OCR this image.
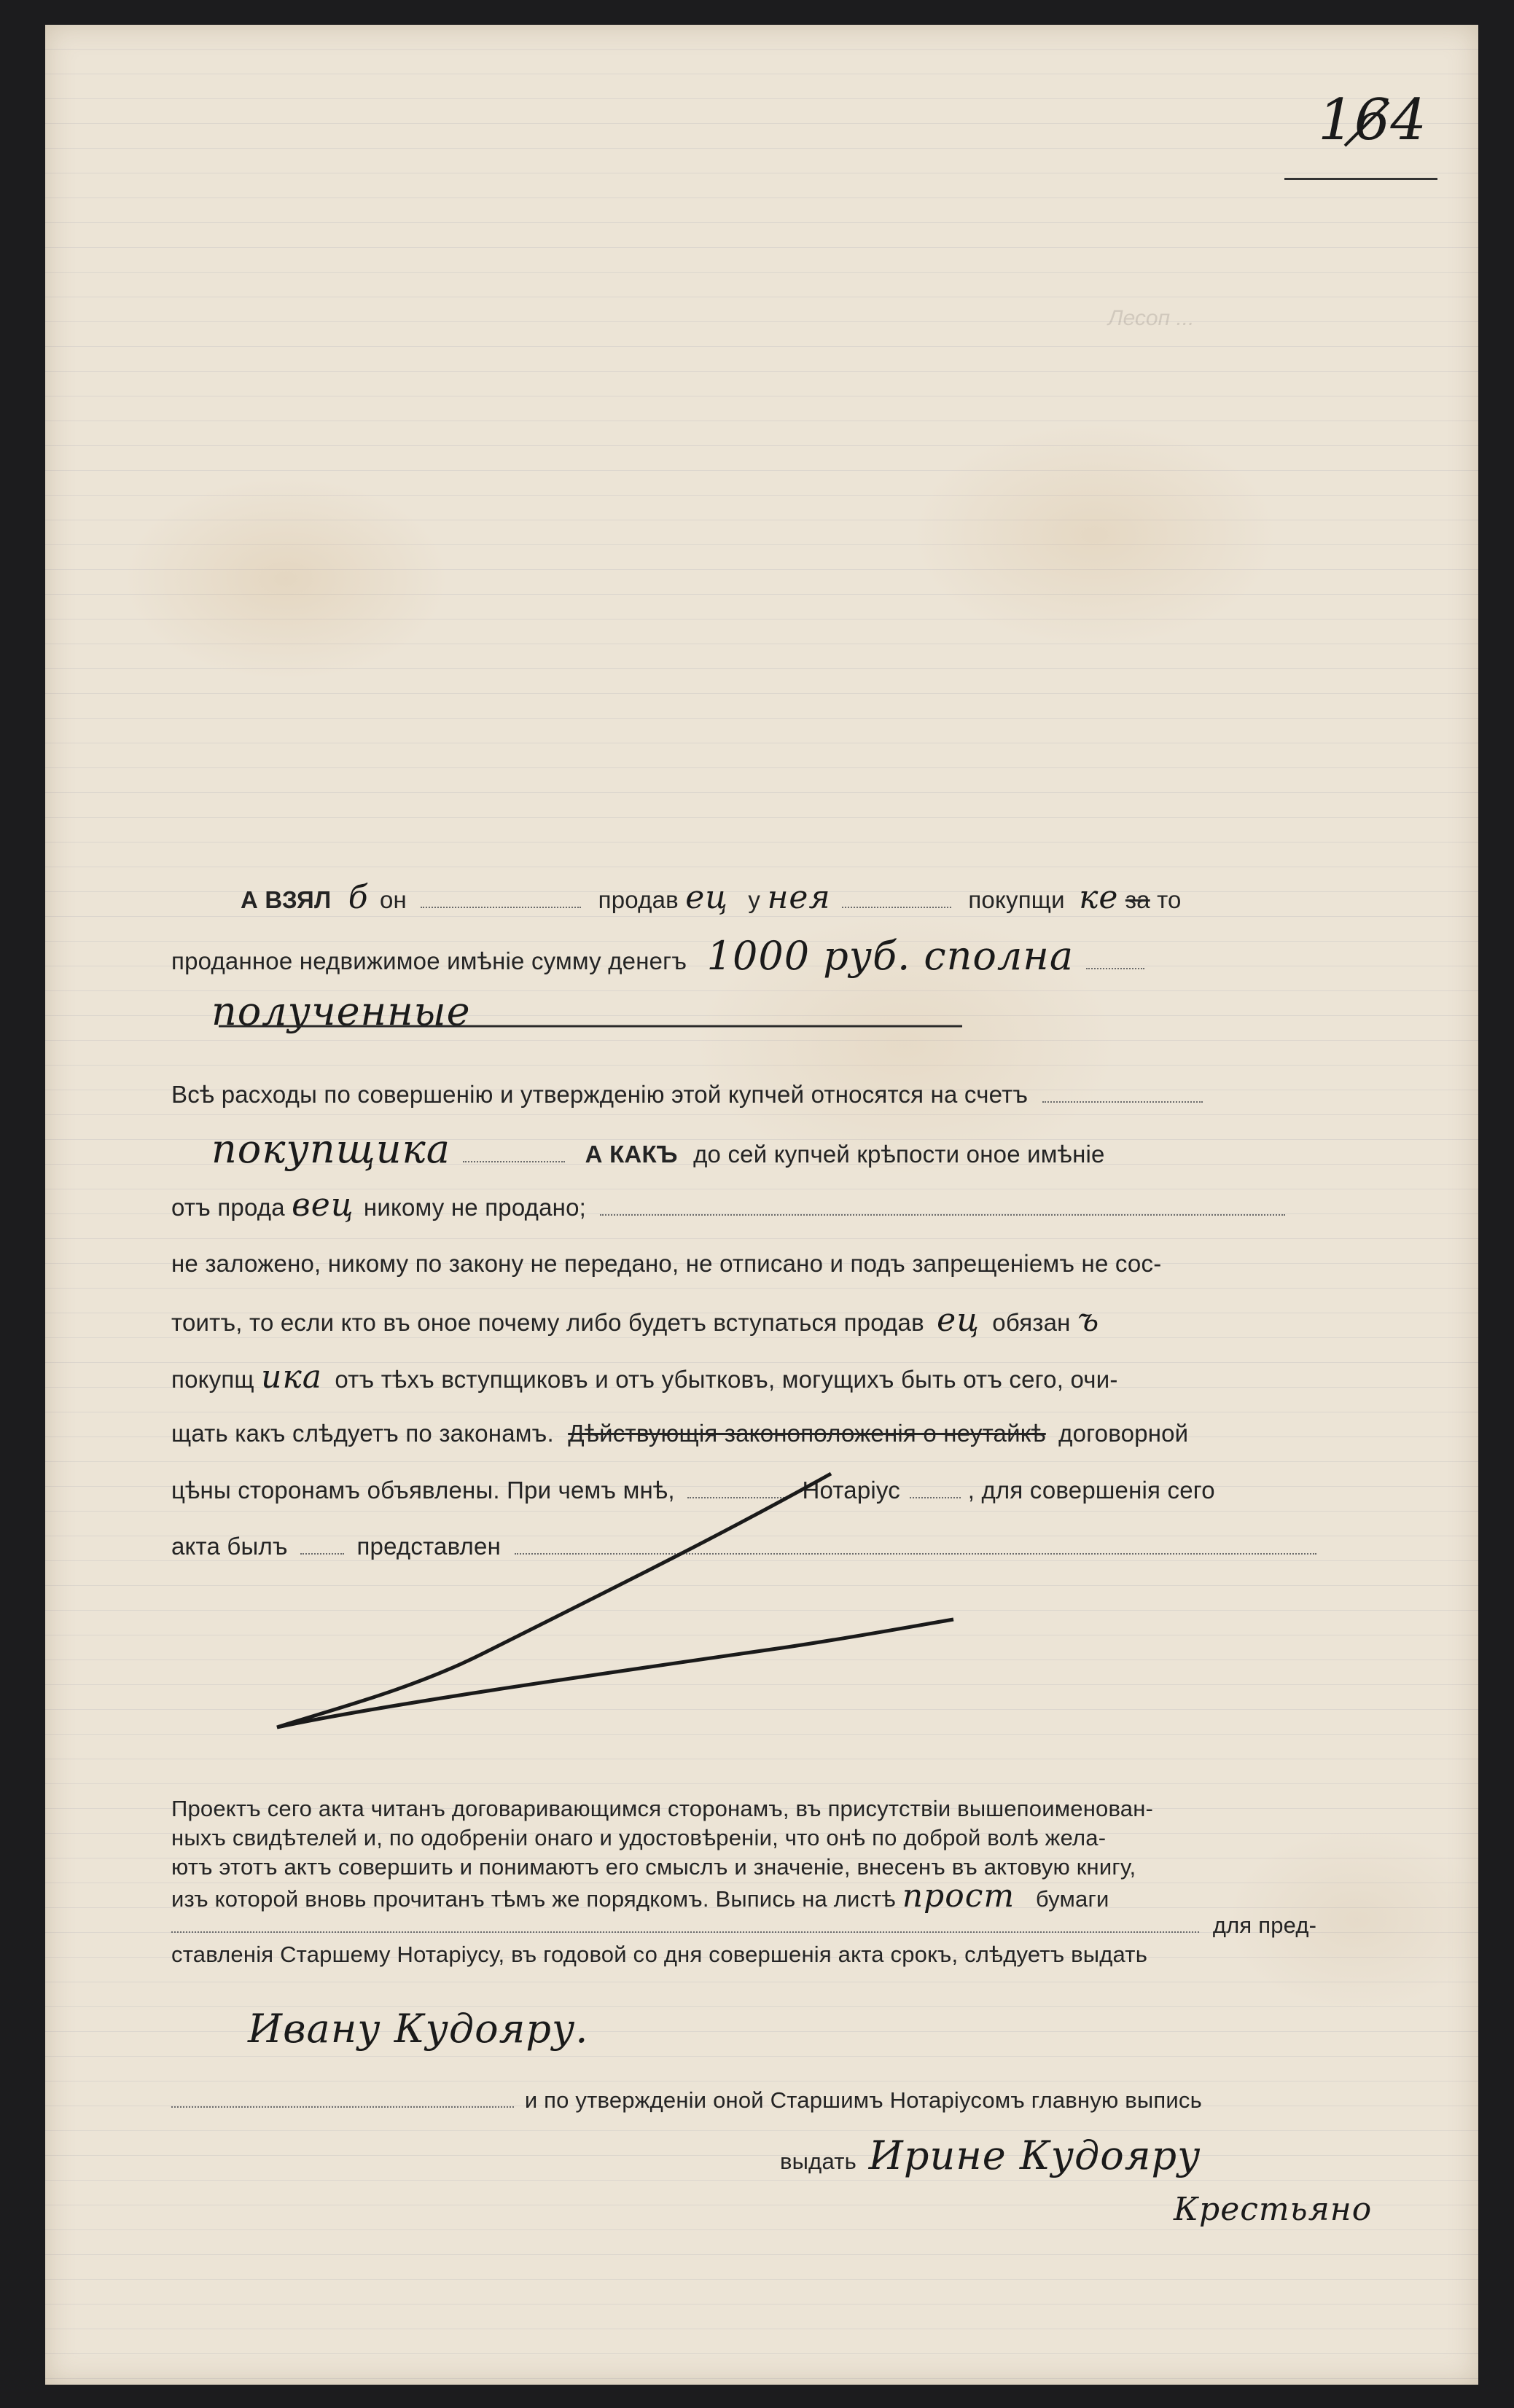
164
Лесоп ...
А ВЗЯЛ б он	продав ец у нея	покупщи ке за то
проданное недвижимое имѣніе сумму денегъ 1000 руб. сполна
полученные
Всѣ расходы по совершенію и утвержденію этой купчей относятся на счетъ
покупщика	А КАКЪ до сей купчей крѣпости оное имѣніе
отъ прода вец никому не продано;
не заложено, никому по закону не передано, не отписано и подъ запрещеніемъ не сос-
тоитъ, то если кто въ оное почему либо будетъ вступаться продав ец обязан ъ
покупщ ика отъ тѣхъ вступщиковъ и отъ убытковъ, могущихъ быть отъ сего, очи-
щать какъ слѣдуетъ по законамъ. Дѣйствующія законоположенія о неутайкѣ договорной
цѣны сторонамъ объявлены. При чемъ мнѣ,	Нотаріус	, для совершенія сего
акта былъ	представлен
Проектъ сего акта читанъ договаривающимся сторонамъ, въ присутствіи вышепоименован-
ныхъ свидѣтелей и, по одобреніи онаго и удостовѣреніи, что онѣ по доброй волѣ жела-
ютъ этотъ актъ совершить и понимаютъ его смыслъ и значеніе, внесенъ въ актовую книгу,
изъ которой вновь прочитанъ тѣмъ же порядкомъ. Выпись на листѣ прост бумаги
для пред-
ставленія Старшему Нотаріусу, въ годовой со дня совершенія акта срокъ, слѣдуетъ выдать
Ивану Кудояру.
и по утвержденіи оной Старшимъ Нотаріусомъ главную выпись
выдать Ирине Кудояру
Крестьяно
